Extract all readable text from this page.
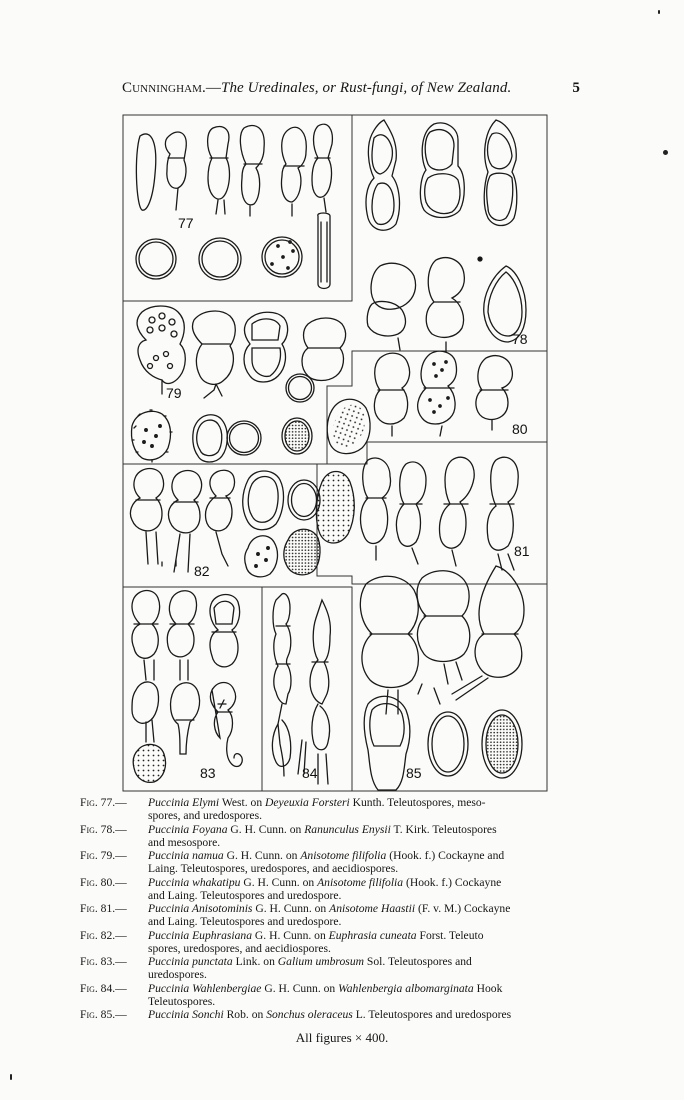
Cunningham.—The Uredinales, or Rust-fungi, of New Zealand.	5
77
78
79
80
81
82
83	84	85
Fig. 77.— Puccinia Elymi West. on Deyeuxia Forsteri Kunth. Teleutospores, meso-
spores, and uredospores.
Fig. 78.— Puccinia Foyana G. H. Cunn. on Ranunculus Enysii T. Kirk. Teleutospores
and mesospore.
Fig. 79.— Puccinia namua G. H. Cunn. on Anisotome filifolia (Hook. f.) Cockayne and
Laing. Teleutospores, uredospores, and aecidiospores.
Fig. 80.— Puccinia whakatipu G. H. Cunn. on Anisotome filifolia (Hook. f.) Cockayne
and Laing. Teleutospores and uredospore.
Fig. 81.— Puccinia Anisotominis G. H. Cunn. on Anisotome Haastii (F. v. M.) Cockayne
and Laing. Teleutospores and uredospore.
Fig. 82.— Puccinia Euphrasiana G. H. Cunn. on Euphrasia cuneata Forst. Teleuto
spores, uredospores, and aecidiospores.
Fig. 83.— Puccinia punctata Link. on Galium umbrosum Sol. Teleutospores and
uredospores.
Fig. 84.— Puccinia Wahlenbergiae G. H. Cunn. on Wahlenbergia albomarginata Hook
Teleutospores.
Fig. 85.— Puccinia Sonchi Rob. on Sonchus oleraceus L. Teleutospores and uredospores
All figures × 400.
